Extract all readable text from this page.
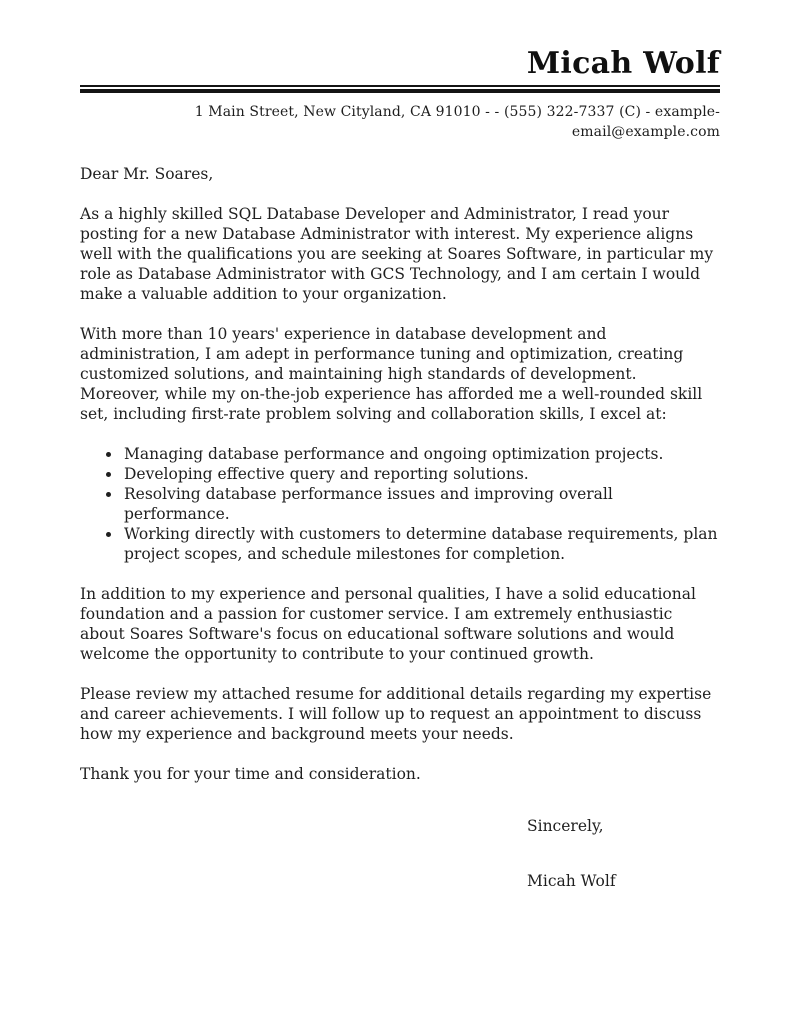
Micah Wolf
1 Main Street, New Cityland, CA 91010 - - (555) 322-7337 (C) - example-email@example.com

Dear Mr. Soares,

As a highly skilled SQL Database Developer and Administrator, I read your posting for a new Database Administrator with interest. My experience aligns well with the qualifications you are seeking at Soares Software, in particular my role as Database Administrator with GCS Technology, and I am certain I would make a valuable addition to your organization.

With more than 10 years' experience in database development and administration, I am adept in performance tuning and optimization, creating customized solutions, and maintaining high standards of development. Moreover, while my on-the-job experience has afforded me a well-rounded skill set, including first-rate problem solving and collaboration skills, I excel at:

• Managing database performance and ongoing optimization projects.
• Developing effective query and reporting solutions.
• Resolving database performance issues and improving overall performance.
• Working directly with customers to determine database requirements, plan project scopes, and schedule milestones for completion.

In addition to my experience and personal qualities, I have a solid educational foundation and a passion for customer service. I am extremely enthusiastic about Soares Software's focus on educational software solutions and would welcome the opportunity to contribute to your continued growth.

Please review my attached resume for additional details regarding my expertise and career achievements. I will follow up to request an appointment to discuss how my experience and background meets your needs.

Thank you for your time and consideration.

Sincerely,

Micah Wolf
